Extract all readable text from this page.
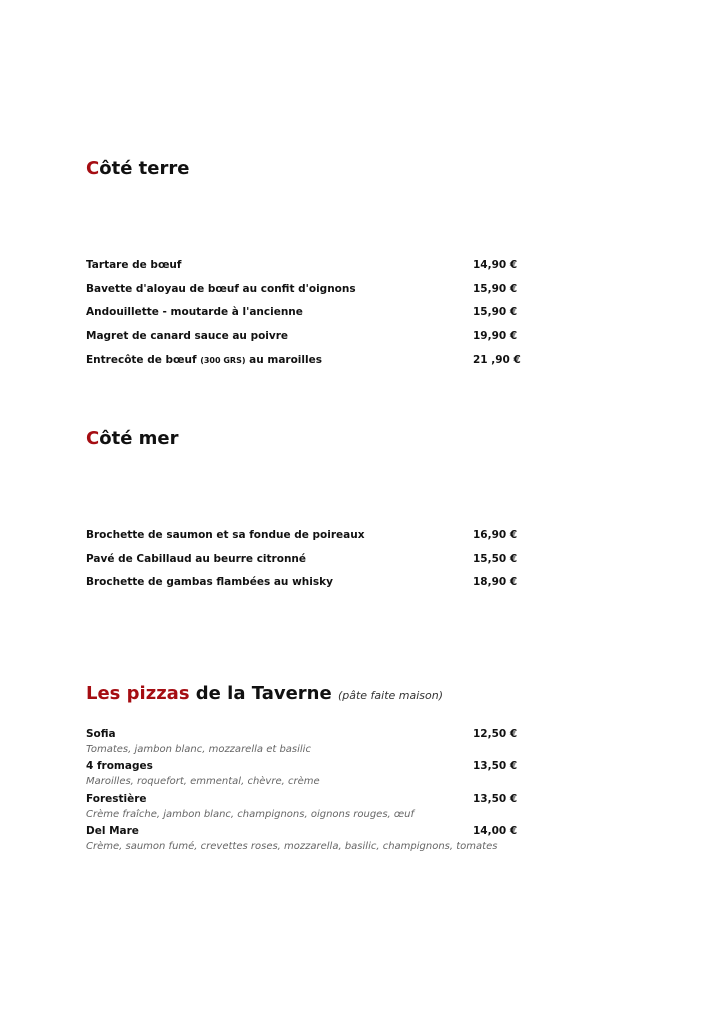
Côté terre
Tartare de bœuf	14,90 €
Bavette d'aloyau de bœuf au confit d'oignons	15,90 €
Andouillette - moutarde à l'ancienne	15,90 €
Magret de canard sauce au poivre	19,90 €
Entrecôte de bœuf (300 GRS) au maroilles	21 ,90 €
Côté mer
Brochette de saumon et sa fondue de poireaux	16,90 €
Pavé de Cabillaud au beurre citronné	15,50 €
Brochette de gambas flambées au whisky	18,90 €
Les pizzas de la Taverne (pâte faite maison)
Sofia	12,50 €
Tomates, jambon blanc, mozzarella et basilic
4 fromages	13,50 €
Maroilles, roquefort, emmental, chèvre, crème
Forestière	13,50 €
Crème fraîche, jambon blanc, champignons, oignons rouges, œuf
Del Mare	14,00 €
Crème, saumon fumé, crevettes roses, mozzarella, basilic, champignons, tomates
